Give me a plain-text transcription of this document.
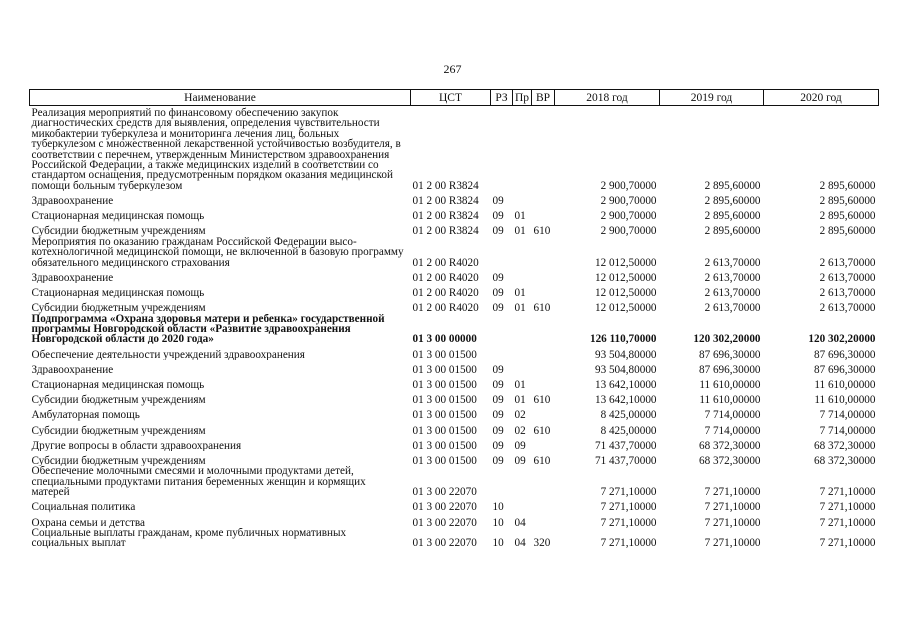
267
Наименование	ЦСТ	РЗ	Пр	ВР	2018 год	2019 год	2020 год
Реализация мероприятий по финансовому обеспечению закупок диагностических средств для выявления, определения чувствительности микобактерии туберкулеза и мониторинга лечения лиц, больных туберкулезом с множественной лекарственной устойчивостью возбудителя, в соответствии с перечнем, утвержденным Министерством здравоохранения Российской Федерации, а также медицинских изделий в соответствии со стандартом оснащения, предусмотренным порядком оказания медицинской помощи больным туберкулезом	01 2 00 R3824				2 900,70000	2 895,60000	2 895,60000
Здравоохранение	01 2 00 R3824	09			2 900,70000	2 895,60000	2 895,60000
Стационарная медицинская помощь	01 2 00 R3824	09	01		2 900,70000	2 895,60000	2 895,60000
Субсидии бюджетным учреждениям	01 2 00 R3824	09	01	610	2 900,70000	2 895,60000	2 895,60000
Мероприятия по оказанию гражданам Российской Федерации высокотехнологичной медицинской помощи, не включенной в базовую программу обязательного медицинского страхования	01 2 00 R4020				12 012,50000	2 613,70000	2 613,70000
Здравоохранение	01 2 00 R4020	09			12 012,50000	2 613,70000	2 613,70000
Стационарная медицинская помощь	01 2 00 R4020	09	01		12 012,50000	2 613,70000	2 613,70000
Субсидии бюджетным учреждениям	01 2 00 R4020	09	01	610	12 012,50000	2 613,70000	2 613,70000
Подпрограмма «Охрана здоровья матери и ребенка» государственной программы Новгородской области «Развитие здравоохранения Новгородской области до 2020 года»	01 3 00 00000				126 110,70000	120 302,20000	120 302,20000
Обеспечение деятельности учреждений здравоохранения	01 3 00 01500				93 504,80000	87 696,30000	87 696,30000
Здравоохранение	01 3 00 01500	09			93 504,80000	87 696,30000	87 696,30000
Стационарная медицинская помощь	01 3 00 01500	09	01		13 642,10000	11 610,00000	11 610,00000
Субсидии бюджетным учреждениям	01 3 00 01500	09	01	610	13 642,10000	11 610,00000	11 610,00000
Амбулаторная помощь	01 3 00 01500	09	02		8 425,00000	7 714,00000	7 714,00000
Субсидии бюджетным учреждениям	01 3 00 01500	09	02	610	8 425,00000	7 714,00000	7 714,00000
Другие вопросы в области здравоохранения	01 3 00 01500	09	09		71 437,70000	68 372,30000	68 372,30000
Субсидии бюджетным учреждениям	01 3 00 01500	09	09	610	71 437,70000	68 372,30000	68 372,30000
Обеспечение молочными смесями и молочными продуктами детей, специальными продуктами питания беременных женщин и кормящих матерей	01 3 00 22070				7 271,10000	7 271,10000	7 271,10000
Социальная политика	01 3 00 22070	10			7 271,10000	7 271,10000	7 271,10000
Охрана семьи и детства	01 3 00 22070	10	04		7 271,10000	7 271,10000	7 271,10000
Социальные выплаты гражданам, кроме публичных нормативных социальных выплат	01 3 00 22070	10	04	320	7 271,10000	7 271,10000	7 271,10000
